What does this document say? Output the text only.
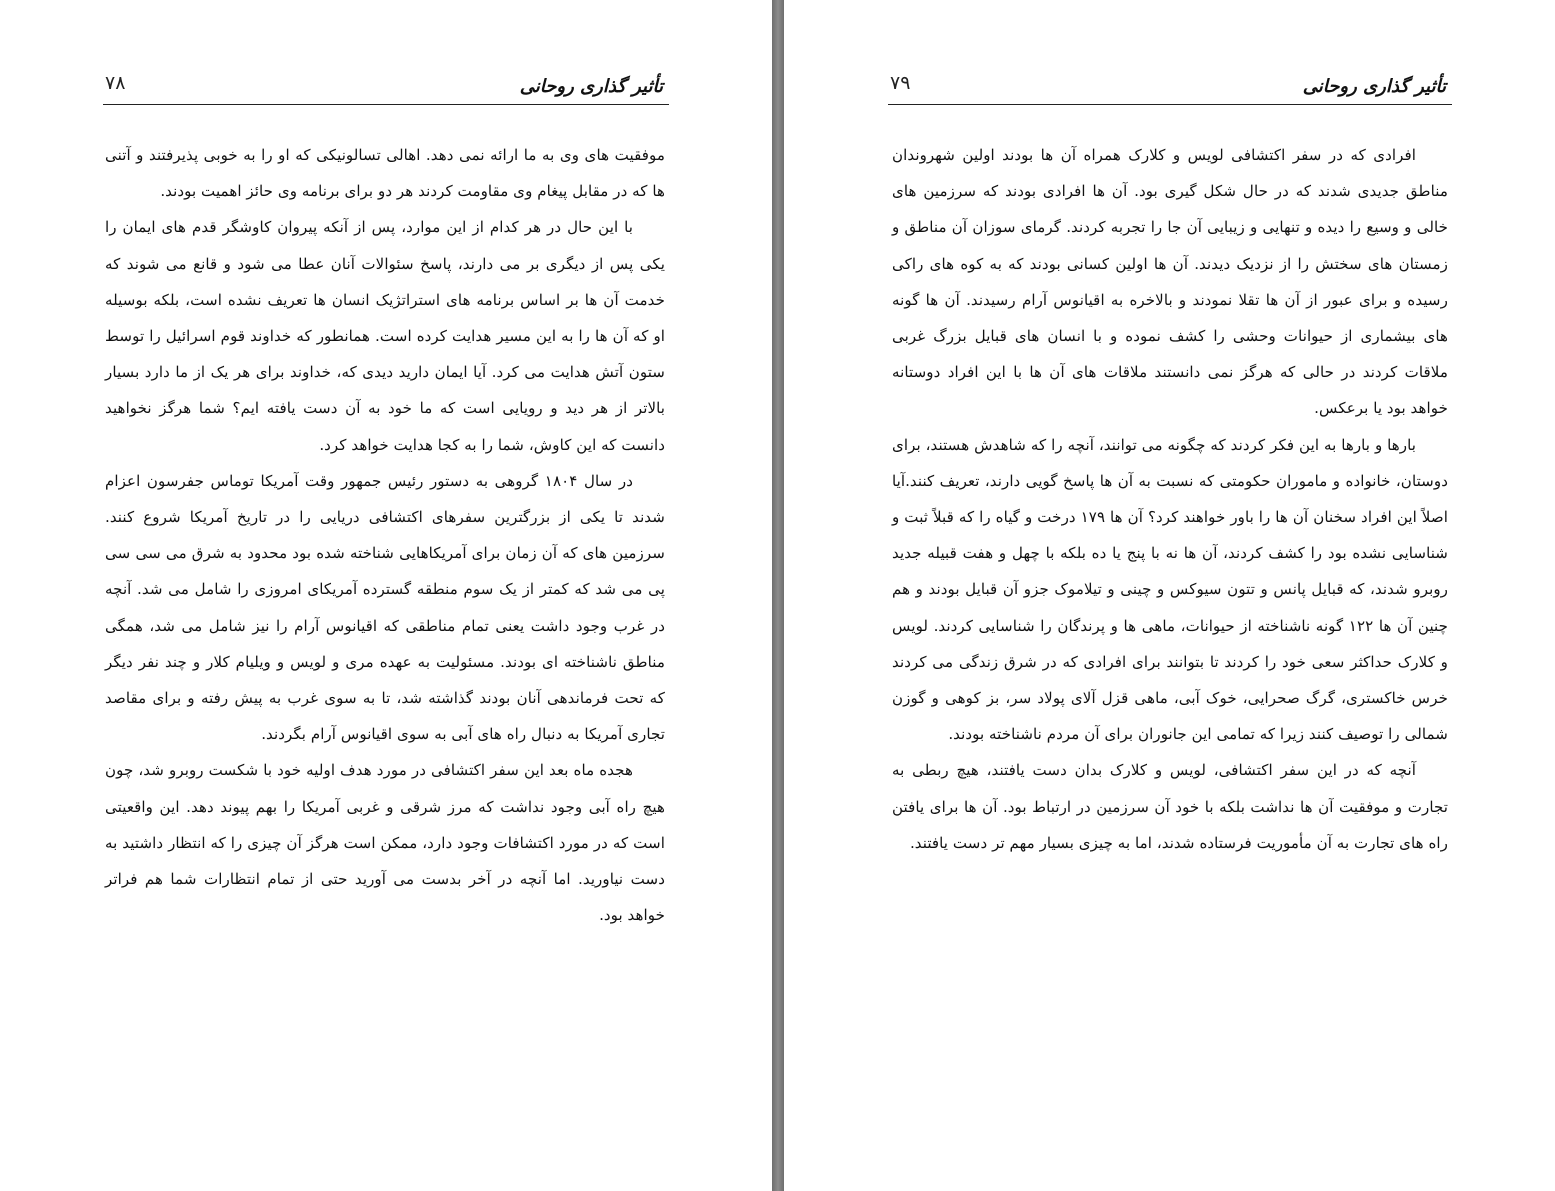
۷۸	تأثیر گذاری روحانی

موفقیت های وی به ما ارائه نمی دهد. اهالی تسالونیکی که او را به خوبی پذیرفتند و آتنی ها که در مقابل پیغام وی مقاومت کردند هر دو برای برنامه وی حائز اهمیت بودند.

با این حال در هر کدام از این موارد، پس از آنکه پیروان کاوشگر قدم های ایمان را یکی پس از دیگری بر می دارند، پاسخ سئوالات آنان عطا می شود و قانع می شوند که خدمت آن ها بر اساس برنامه های استراتژیک انسان ها تعریف نشده است، بلکه بوسیله او که آن ها را به این مسیر هدایت کرده است. همانطور که خداوند قوم اسرائیل را توسط ستون آتش هدایت می کرد. آیا ایمان دارید دیدی که، خداوند برای هر یک از ما دارد بسیار بالاتر از هر دید و رویایی است که ما خود به آن دست یافته ایم؟ شما هرگز نخواهید دانست که این کاوش، شما را به کجا هدایت خواهد کرد.

در سال ۱۸۰۴ گروهی به دستور رئیس جمهور وقت آمریکا توماس جفرسون اعزام شدند تا یکی از بزرگترین سفرهای اکتشافی دریایی را در تاریخ آمریکا شروع کنند. سرزمین های که آن زمان برای آمریکاهایی شناخته شده بود محدود به شرق می سی سی پی می شد که کمتر از یک سوم منطقه گسترده آمریکای امروزی را شامل می شد. آنچه در غرب وجود داشت یعنی تمام مناطقی که اقیانوس آرام را نیز شامل می شد، همگی مناطق ناشناخته ای بودند. مسئولیت به عهده مری و لویس و ویلیام کلار و چند نفر دیگر که تحت فرماندهی آنان بودند گذاشته شد، تا به سوی غرب به پیش رفته و برای مقاصد تجاری آمریکا به دنبال راه های آبی به سوی اقیانوس آرام بگردند.

هجده ماه بعد این سفر اکتشافی در مورد هدف اولیه خود با شکست روبرو شد، چون هیچ راه آبی وجود نداشت که مرز شرقی و غربی آمریکا را بهم پیوند دهد. این واقعیتی است که در مورد اکتشافات وجود دارد، ممکن است هرگز آن چیزی را که انتظار داشتید به دست نیاورید. اما آنچه در آخر بدست می آورید حتی از تمام انتظارات شما هم فراتر خواهد بود.

۷۹	تأثیر گذاری روحانی

افرادی که در سفر اکتشافی لویس و کلارک همراه آن ها بودند اولین شهروندان مناطق جدیدی شدند که در حال شکل گیری بود. آن ها افرادی بودند که سرزمین های خالی و وسیع را دیده و تنهایی و زیبایی آن جا را تجربه کردند. گرمای سوزان آن مناطق و زمستان های سختش را از نزدیک دیدند. آن ها اولین کسانی بودند که به کوه های راکی رسیده و برای عبور از آن ها تقلا نمودند و بالاخره به اقیانوس آرام رسیدند. آن ها گونه های بیشماری از حیوانات وحشی را کشف نموده و با انسان های قبایل بزرگ غربی ملاقات کردند در حالی که هرگز نمی دانستند ملاقات های آن ها با این افراد دوستانه خواهد بود یا برعکس.

بارها و بارها به این فکر کردند که چگونه می توانند، آنچه را که شاهدش هستند، برای دوستان، خانواده و ماموران حکومتی که نسبت به آن ها پاسخ گویی دارند، تعریف کنند.آیا اصلاً این افراد سخنان آن ها را باور خواهند کرد؟ آن ها ۱۷۹ درخت و گیاه را که قبلاً ثبت و شناسایی نشده بود را کشف کردند، آن ها نه با پنج یا ده بلکه با چهل و هفت قبیله جدید روبرو شدند، که قبایل پانس و تتون سیوکس و چینی و تیلاموک جزو آن قبایل بودند و هم چنین آن ها ۱۲۲ گونه ناشناخته از حیوانات، ماهی ها و پرندگان را شناسایی کردند. لویس و کلارک حداکثر سعی خود را کردند تا بتوانند برای افرادی که در شرق زندگی می کردند خرس خاکستری، گرگ صحرایی، خوک آبی، ماهی قزل آلای پولاد سر، بز کوهی و گوزن شمالی را توصیف کنند زیرا که تمامی این جانوران برای آن مردم ناشناخته بودند.

آنچه که در این سفر اکتشافی، لویس و کلارک بدان دست یافتند، هیچ ربطی به تجارت و موفقیت آن ها نداشت بلکه با خود آن سرزمین در ارتباط بود. آن ها برای یافتن راه های تجارت به آن مأموریت فرستاده شدند، اما به چیزی بسیار مهم تر دست یافتند.
